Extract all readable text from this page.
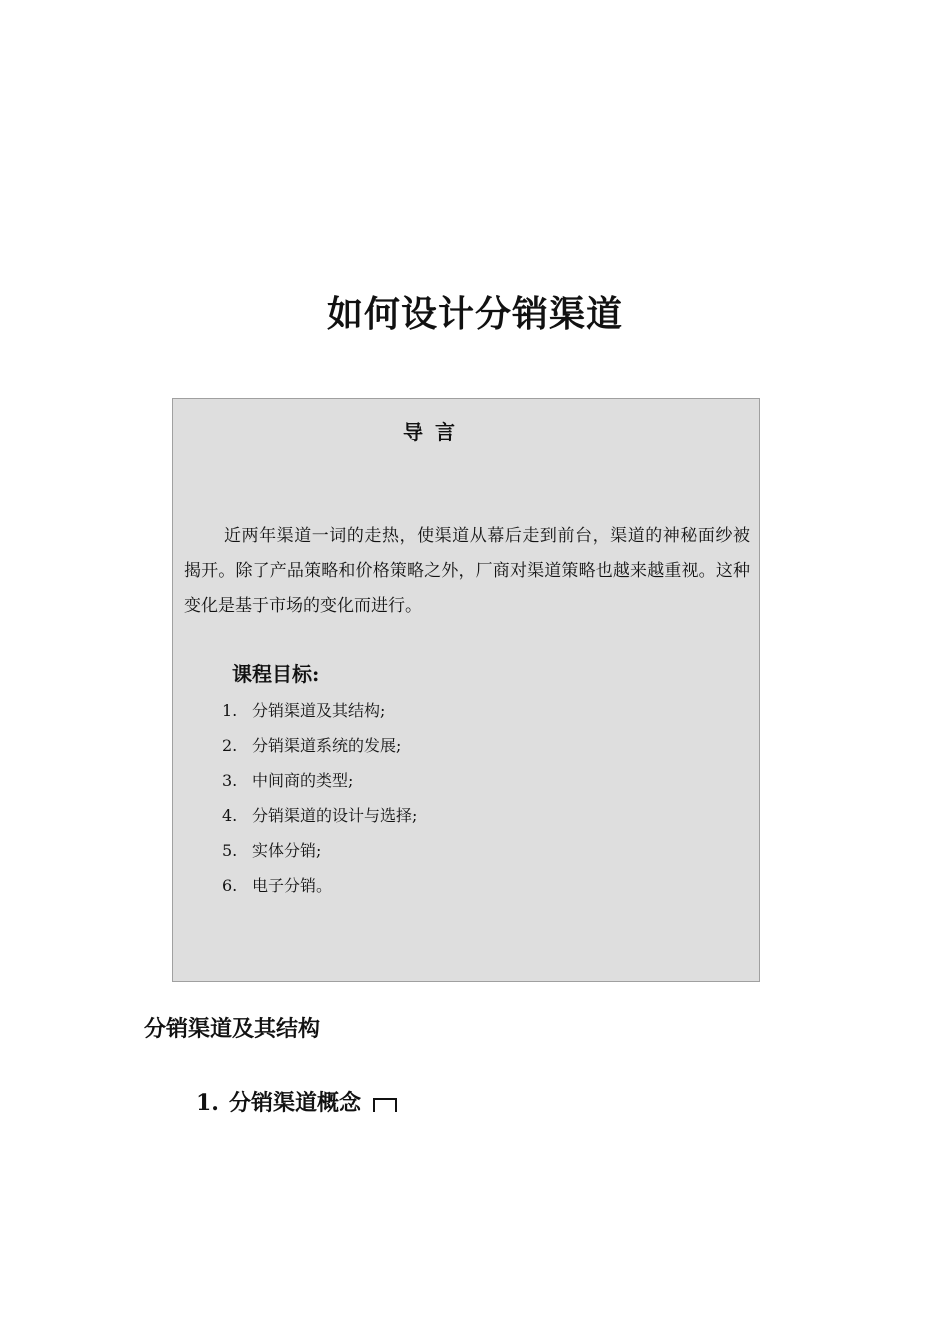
如何设计分销渠道
导言

近两年渠道一词的走热，使渠道从幕后走到前台，渠道的神秘面纱被揭开。除了产品策略和价格策略之外，厂商对渠道策略也越来越重视。这种变化是基于市场的变化而进行。

课程目标:
1. 分销渠道及其结构;
2. 分销渠道系统的发展;
3. 中间商的类型;
4. 分销渠道的设计与选择;
5. 实体分销;
6. 电子分销。
分销渠道及其结构
1. 分销渠道概念
